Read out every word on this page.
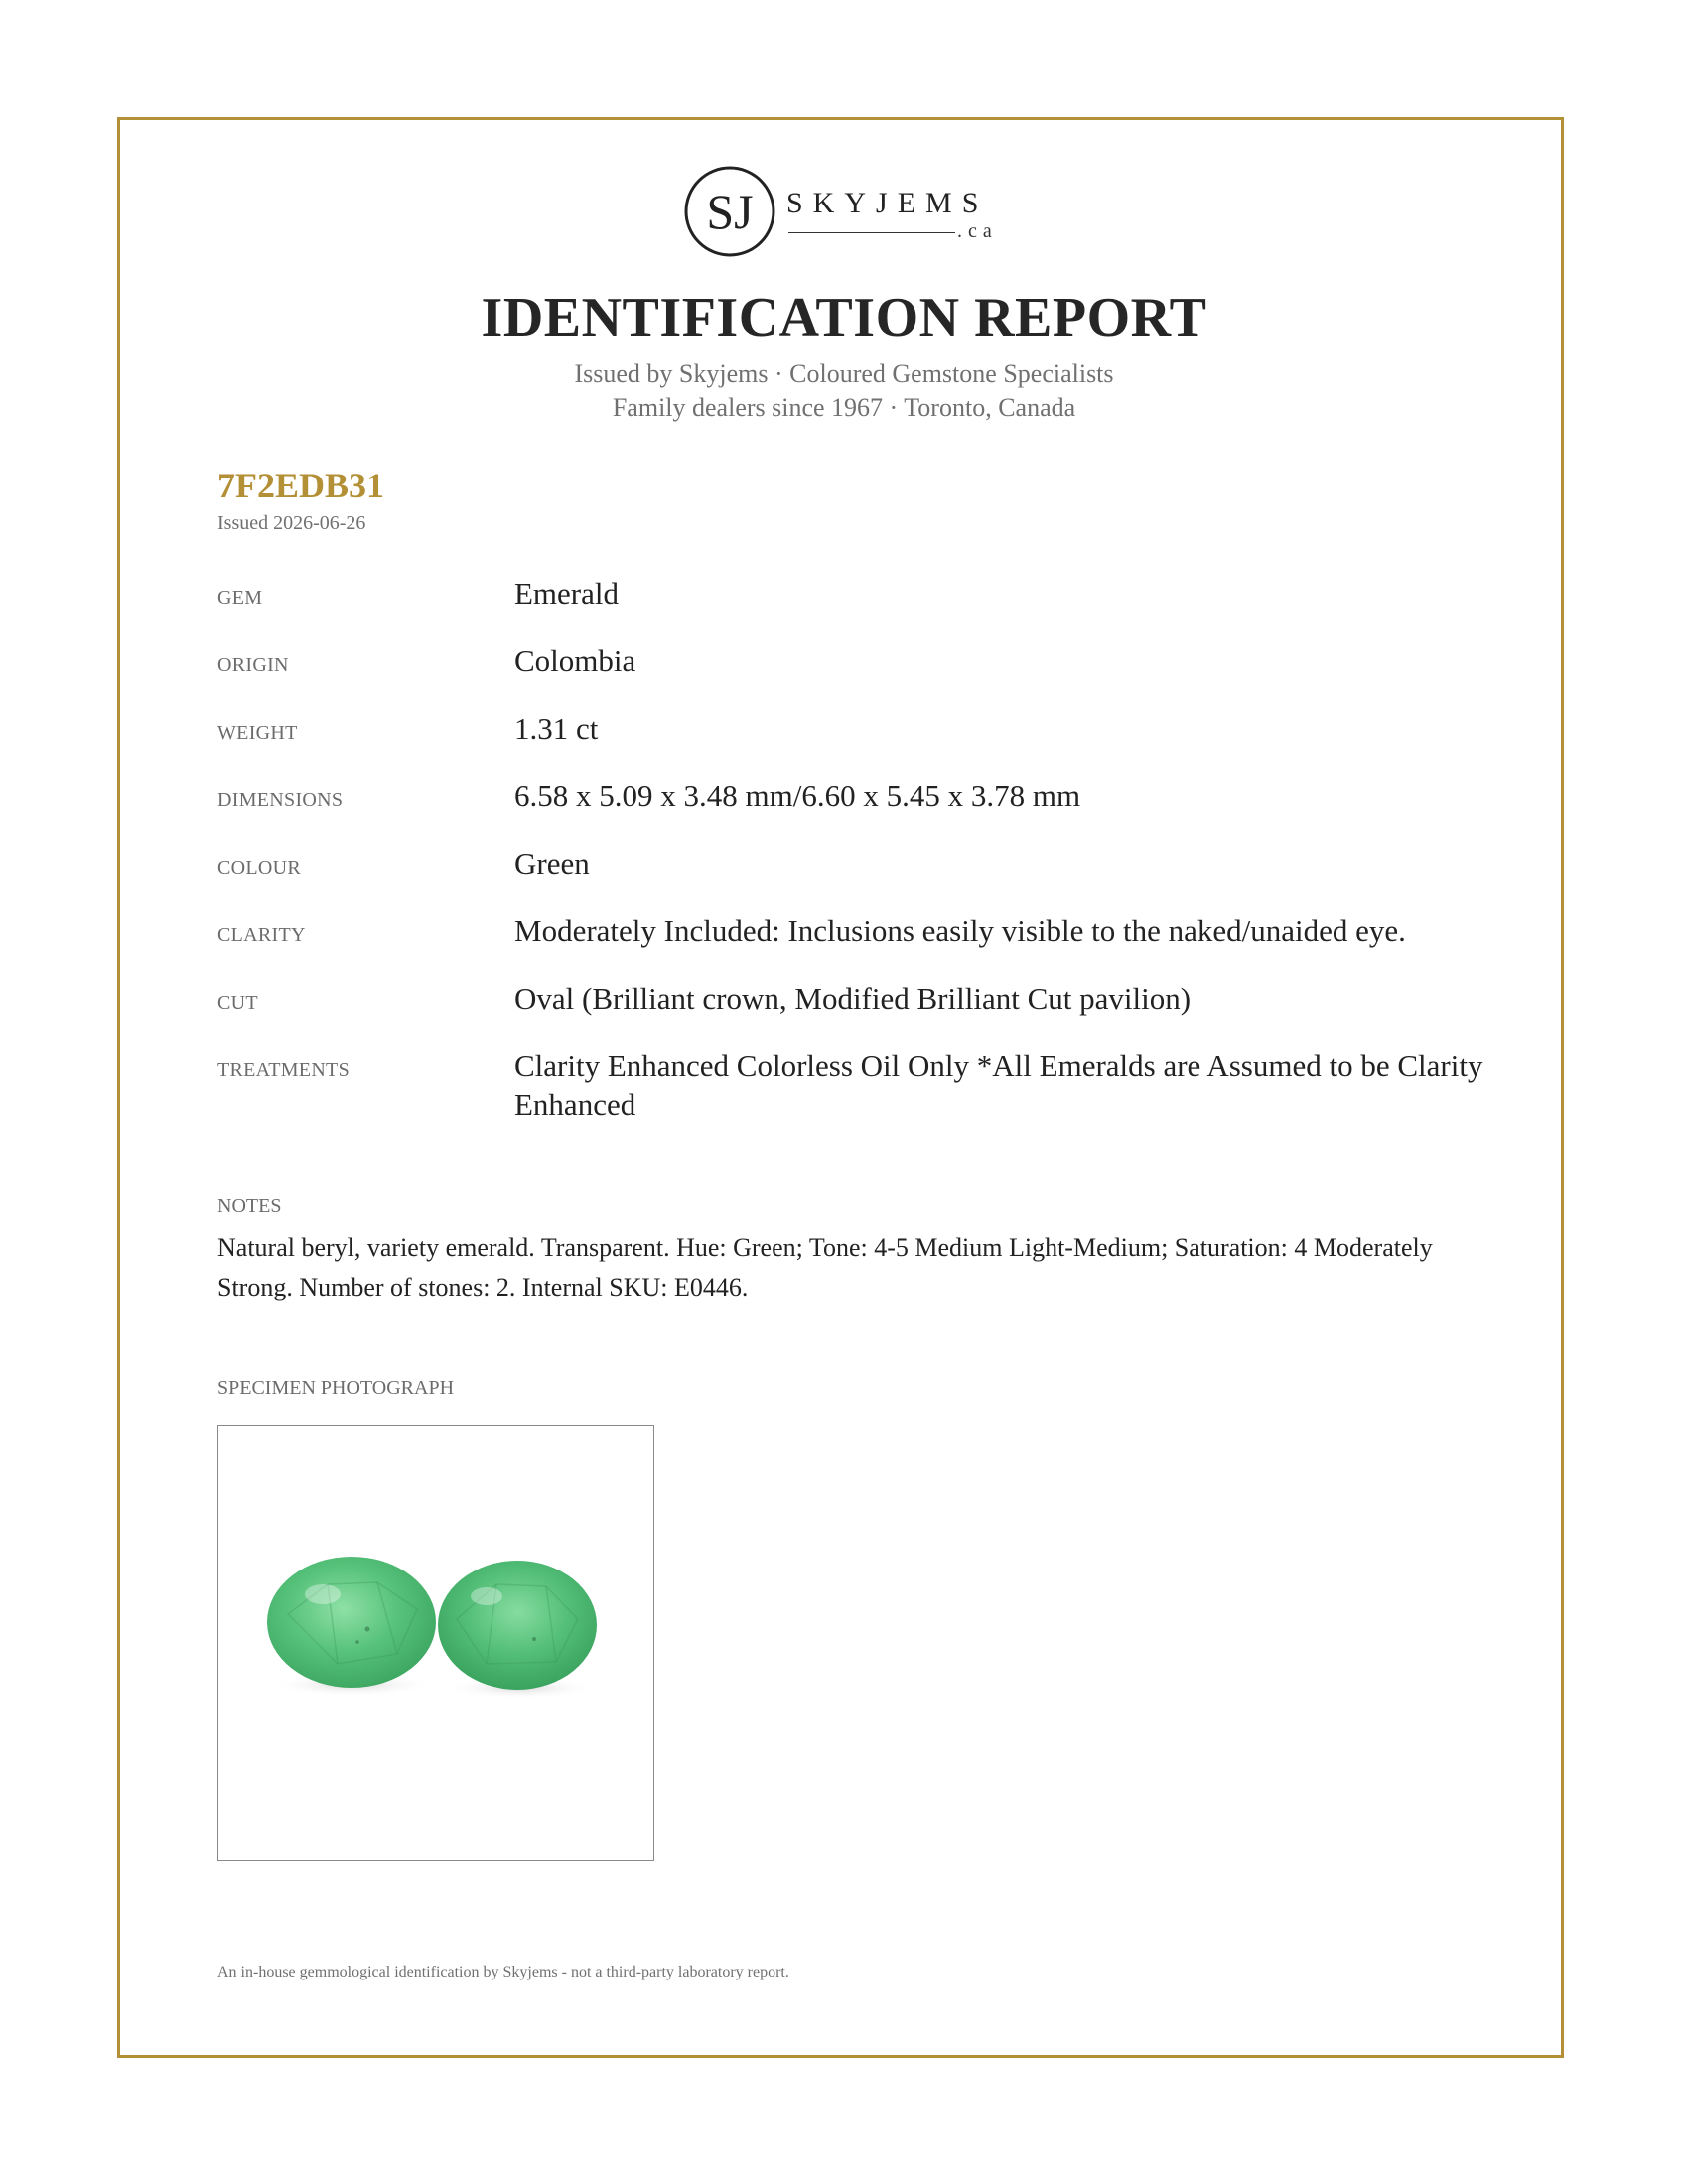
SJ SKYJEMS
.ca
IDENTIFICATION REPORT
Issued by Skyjems · Coloured Gemstone Specialists
Family dealers since 1967 · Toronto, Canada
7F2EDB31
Issued 2026-06-26
GEM	Emerald
ORIGIN	Colombia
WEIGHT	1.31 ct
DIMENSIONS	6.58 x 5.09 x 3.48 mm/6.60 x 5.45 x 3.78 mm
COLOUR	Green
CLARITY	Moderately Included: Inclusions easily visible to the naked/unaided eye.
CUT	Oval (Brilliant crown, Modified Brilliant Cut pavilion)
TREATMENTS	Clarity Enhanced Colorless Oil Only *All Emeralds are Assumed to be Clarity Enhanced
NOTES
Natural beryl, variety emerald. Transparent. Hue: Green; Tone: 4-5 Medium Light-Medium; Saturation: 4 Moderately Strong. Number of stones: 2. Internal SKU: E0446.
SPECIMEN PHOTOGRAPH
An in-house gemmological identification by Skyjems - not a third-party laboratory report.
